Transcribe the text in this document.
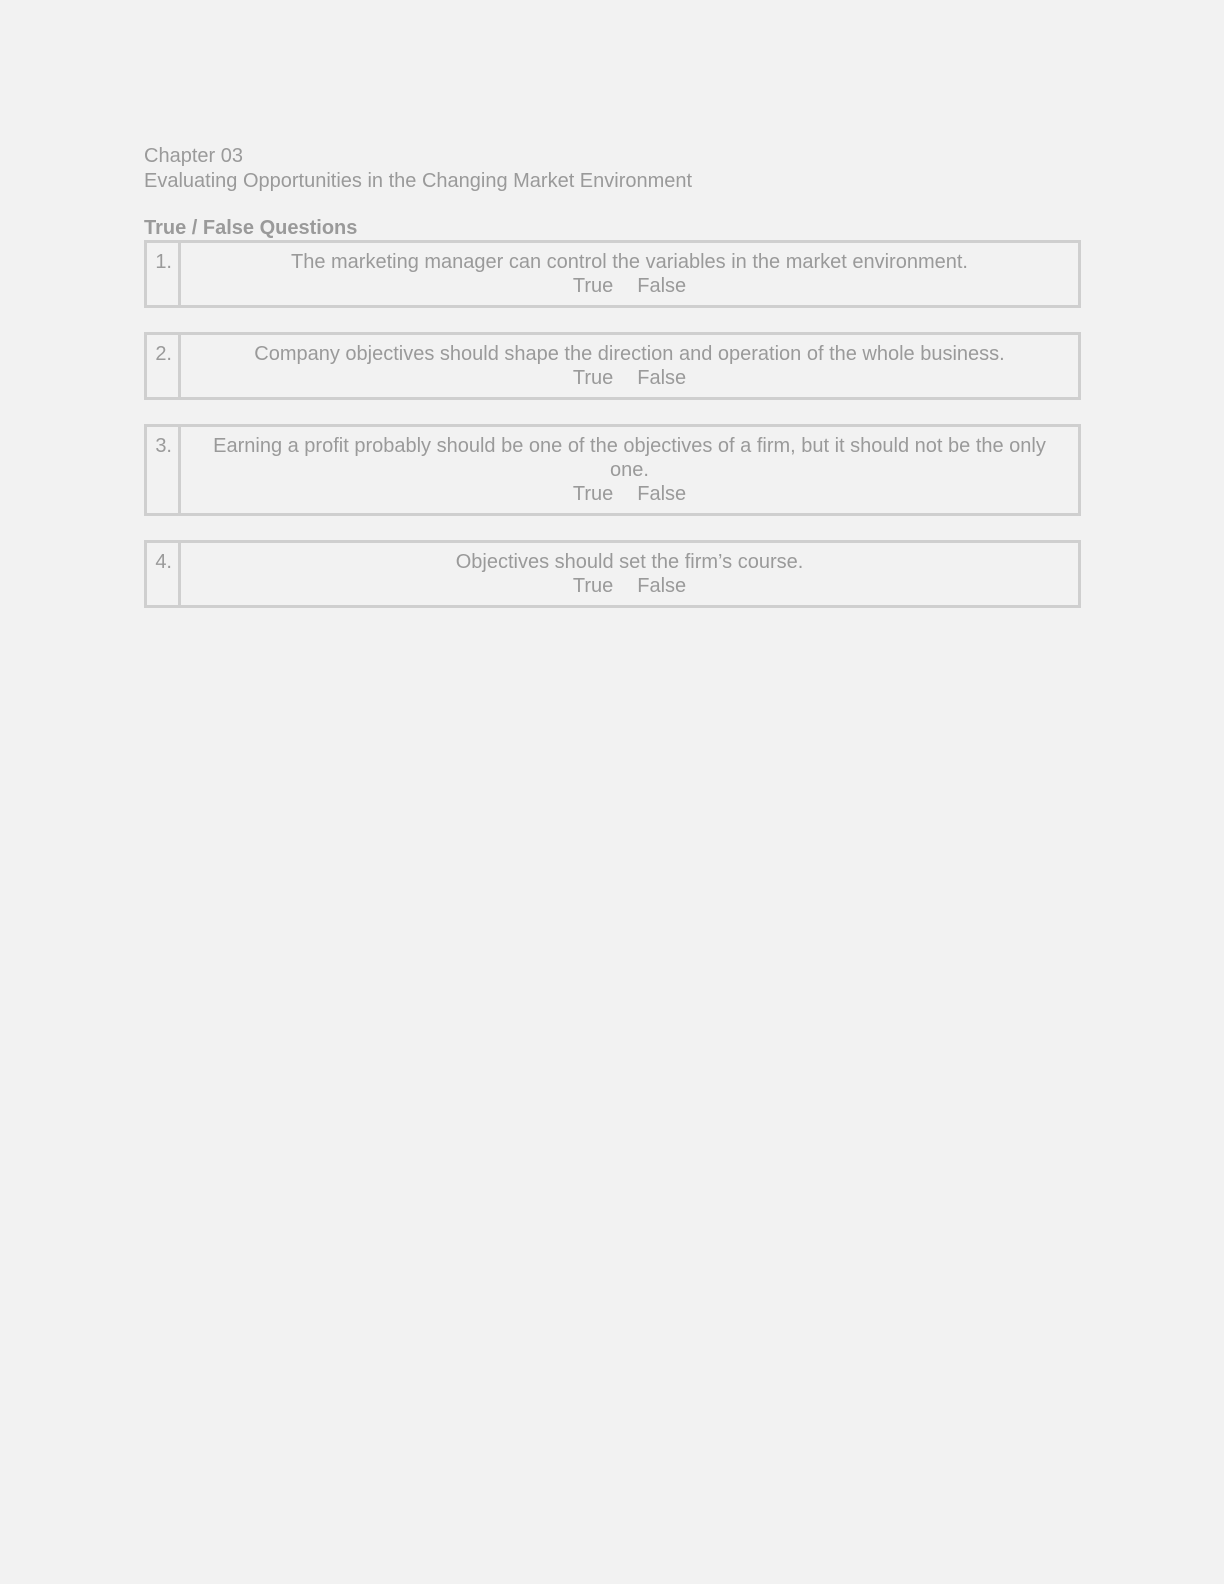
Chapter 03

Evaluating Opportunities in the Changing Market Environment

True / False Questions

1.	The marketing manager can control the variables in the market environment.
True False
2.	Company objectives should shape the direction and operation of the whole business.
True False
3.	Earning a profit probably should be one of the objectives of a firm, but it should not be the only one.
True False
4.	Objectives should set the firm’s course.
True False
